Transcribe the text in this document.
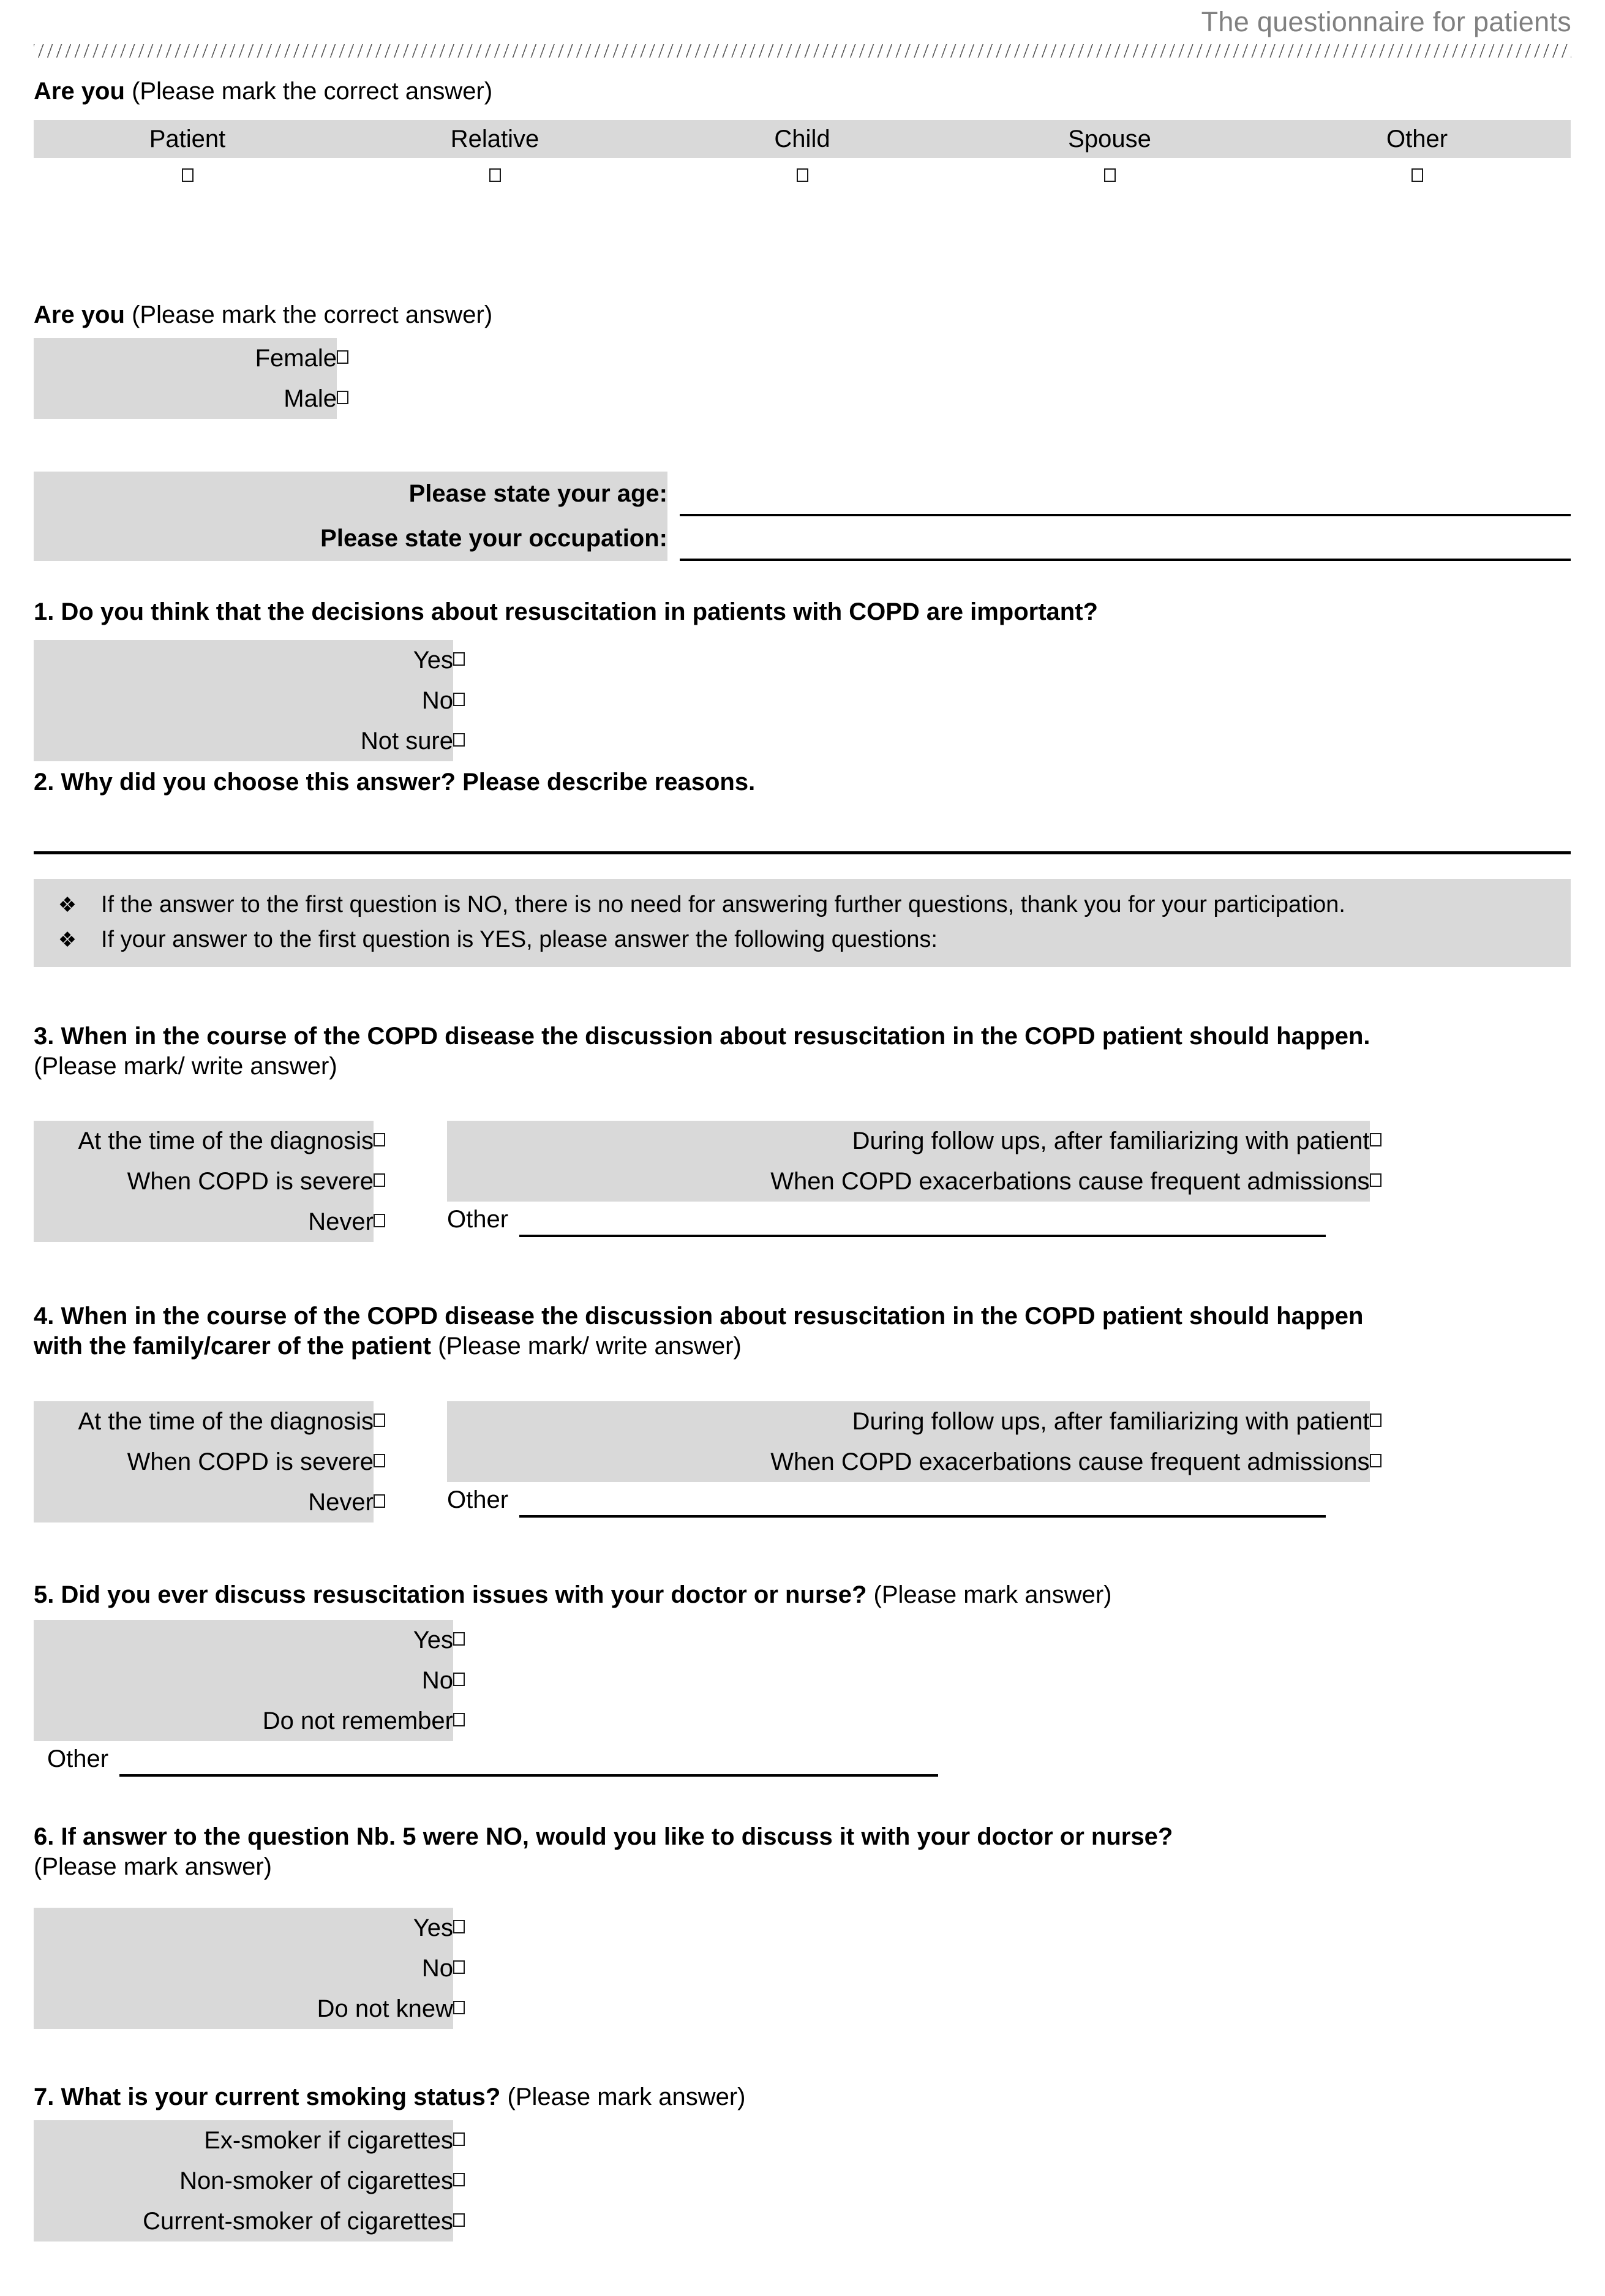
The questionnaire for patients
Are you (Please mark the correct answer)
Patient	Relative	Child	Spouse	Other
Are you (Please mark the correct answer)
Female	
Male	
Please state your age:	

Please state your occupation:	
1. Do you think that the decisions about resuscitation in patients with COPD are important?
Yes	
No	
Not sure	
2. Why did you choose this answer? Please describe reasons.
❖	If the answer to the first question is NO, there is no need for answering further questions, thank you for your participation.
❖	If your answer to the first question is YES, please answer the following questions:
3. When in the course of the COPD disease the discussion about resuscitation in the COPD patient should happen.
(Please mark/ write answer)
At the time of the diagnosis	
When COPD is severe	
Never	
During follow ups, after familiarizing with patient	
When COPD exacerbations cause frequent admissions	
Other
4. When in the course of the COPD disease the discussion about resuscitation in the COPD patient should happen
with the family/carer of the patient (Please mark/ write answer)
At the time of the diagnosis	
When COPD is severe	
Never	
During follow ups, after familiarizing with patient	
When COPD exacerbations cause frequent admissions	
Other
5. Did you ever discuss resuscitation issues with your doctor or nurse? (Please mark answer)
Yes	
No	
Do not remember	
Other
6. If answer to the question Nb. 5 were NO, would you like to discuss it with your doctor or nurse?
(Please mark answer)
Yes	
No	
Do not knew	
7. What is your current smoking status? (Please mark answer)
Ex-smoker if cigarettes	
Non-smoker of cigarettes	
Current-smoker of cigarettes	
